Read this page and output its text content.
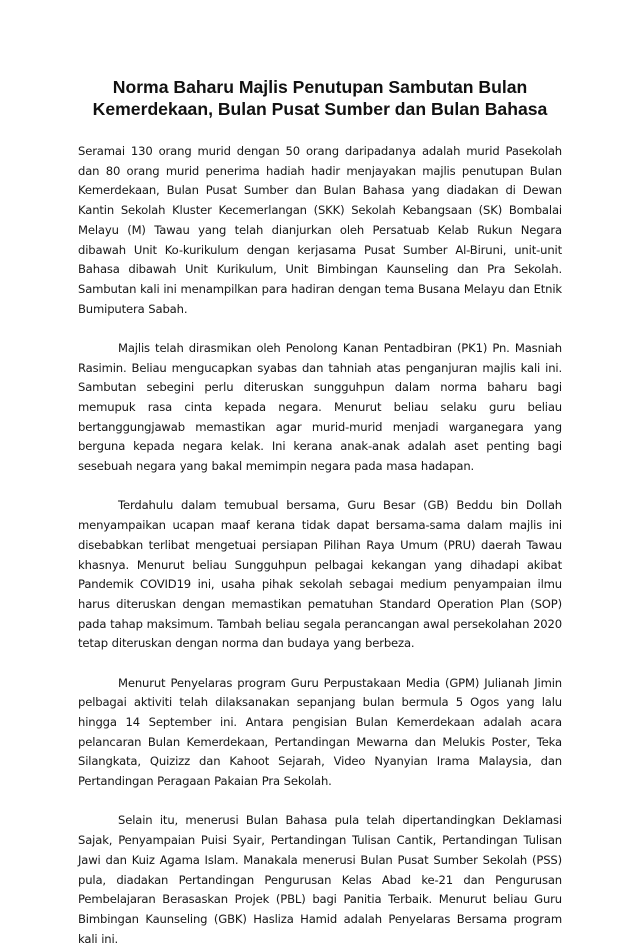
Norma Baharu Majlis Penutupan Sambutan Bulan
Kemerdekaan, Bulan Pusat Sumber dan Bulan Bahasa

Seramai 130 orang murid dengan 50 orang daripadanya adalah murid Pasekolah dan 80 orang murid penerima hadiah hadir menjayakan majlis penutupan Bulan Kemerdekaan, Bulan Pusat Sumber dan Bulan Bahasa yang diadakan di Dewan Kantin Sekolah Kluster Kecemerlangan (SKK) Sekolah Kebangsaan (SK) Bombalai Melayu (M) Tawau yang telah dianjurkan oleh Persatuab Kelab Rukun Negara dibawah Unit Ko-kurikulum dengan kerjasama Pusat Sumber Al-Biruni, unit-unit Bahasa dibawah Unit Kurikulum, Unit Bimbingan Kaunseling dan Pra Sekolah. Sambutan kali ini menampilkan para hadiran dengan tema Busana Melayu dan Etnik Bumiputera Sabah.

Majlis telah dirasmikan oleh Penolong Kanan Pentadbiran (PK1) Pn. Masniah Rasimin. Beliau mengucapkan syabas dan tahniah atas penganjuran majlis kali ini. Sambutan sebegini perlu diteruskan sungguhpun dalam norma baharu bagi memupuk rasa cinta kepada negara. Menurut beliau selaku guru beliau bertanggungjawab memastikan agar murid-murid menjadi warganegara yang berguna kepada negara kelak. Ini kerana anak-anak adalah aset penting bagi sesebuah negara yang bakal memimpin negara pada masa hadapan.

Terdahulu dalam temubual bersama, Guru Besar (GB) Beddu bin Dollah menyampaikan ucapan maaf kerana tidak dapat bersama-sama dalam majlis ini disebabkan terlibat mengetuai persiapan Pilihan Raya Umum (PRU) daerah Tawau khasnya. Menurut beliau Sungguhpun pelbagai kekangan yang dihadapi akibat Pandemik COVID19 ini, usaha pihak sekolah sebagai medium penyampaian ilmu harus diteruskan dengan memastikan pematuhan Standard Operation Plan (SOP) pada tahap maksimum. Tambah beliau segala perancangan awal persekolahan 2020 tetap diteruskan dengan norma dan budaya yang berbeza.

Menurut Penyelaras program Guru Perpustakaan Media (GPM) Julianah Jimin pelbagai aktiviti telah dilaksanakan sepanjang bulan bermula 5 Ogos yang lalu hingga 14 September ini. Antara pengisian Bulan Kemerdekaan adalah acara pelancaran Bulan Kemerdekaan, Pertandingan Mewarna dan Melukis Poster, Teka Silangkata, Quizizz dan Kahoot Sejarah, Video Nyanyian Irama Malaysia, dan Pertandingan Peragaan Pakaian Pra Sekolah.

Selain itu, menerusi Bulan Bahasa pula telah dipertandingkan Deklamasi Sajak, Penyampaian Puisi Syair, Pertandingan Tulisan Cantik, Pertandingan Tulisan Jawi dan Kuiz Agama Islam. Manakala menerusi Bulan Pusat Sumber Sekolah (PSS) pula, diadakan Pertandingan Pengurusan Kelas Abad ke-21 dan Pengurusan Pembelajaran Berasaskan Projek (PBL) bagi Panitia Terbaik. Menurut beliau Guru Bimbingan Kaunseling (GBK) Hasliza Hamid adalah Penyelaras Bersama program kali ini.
